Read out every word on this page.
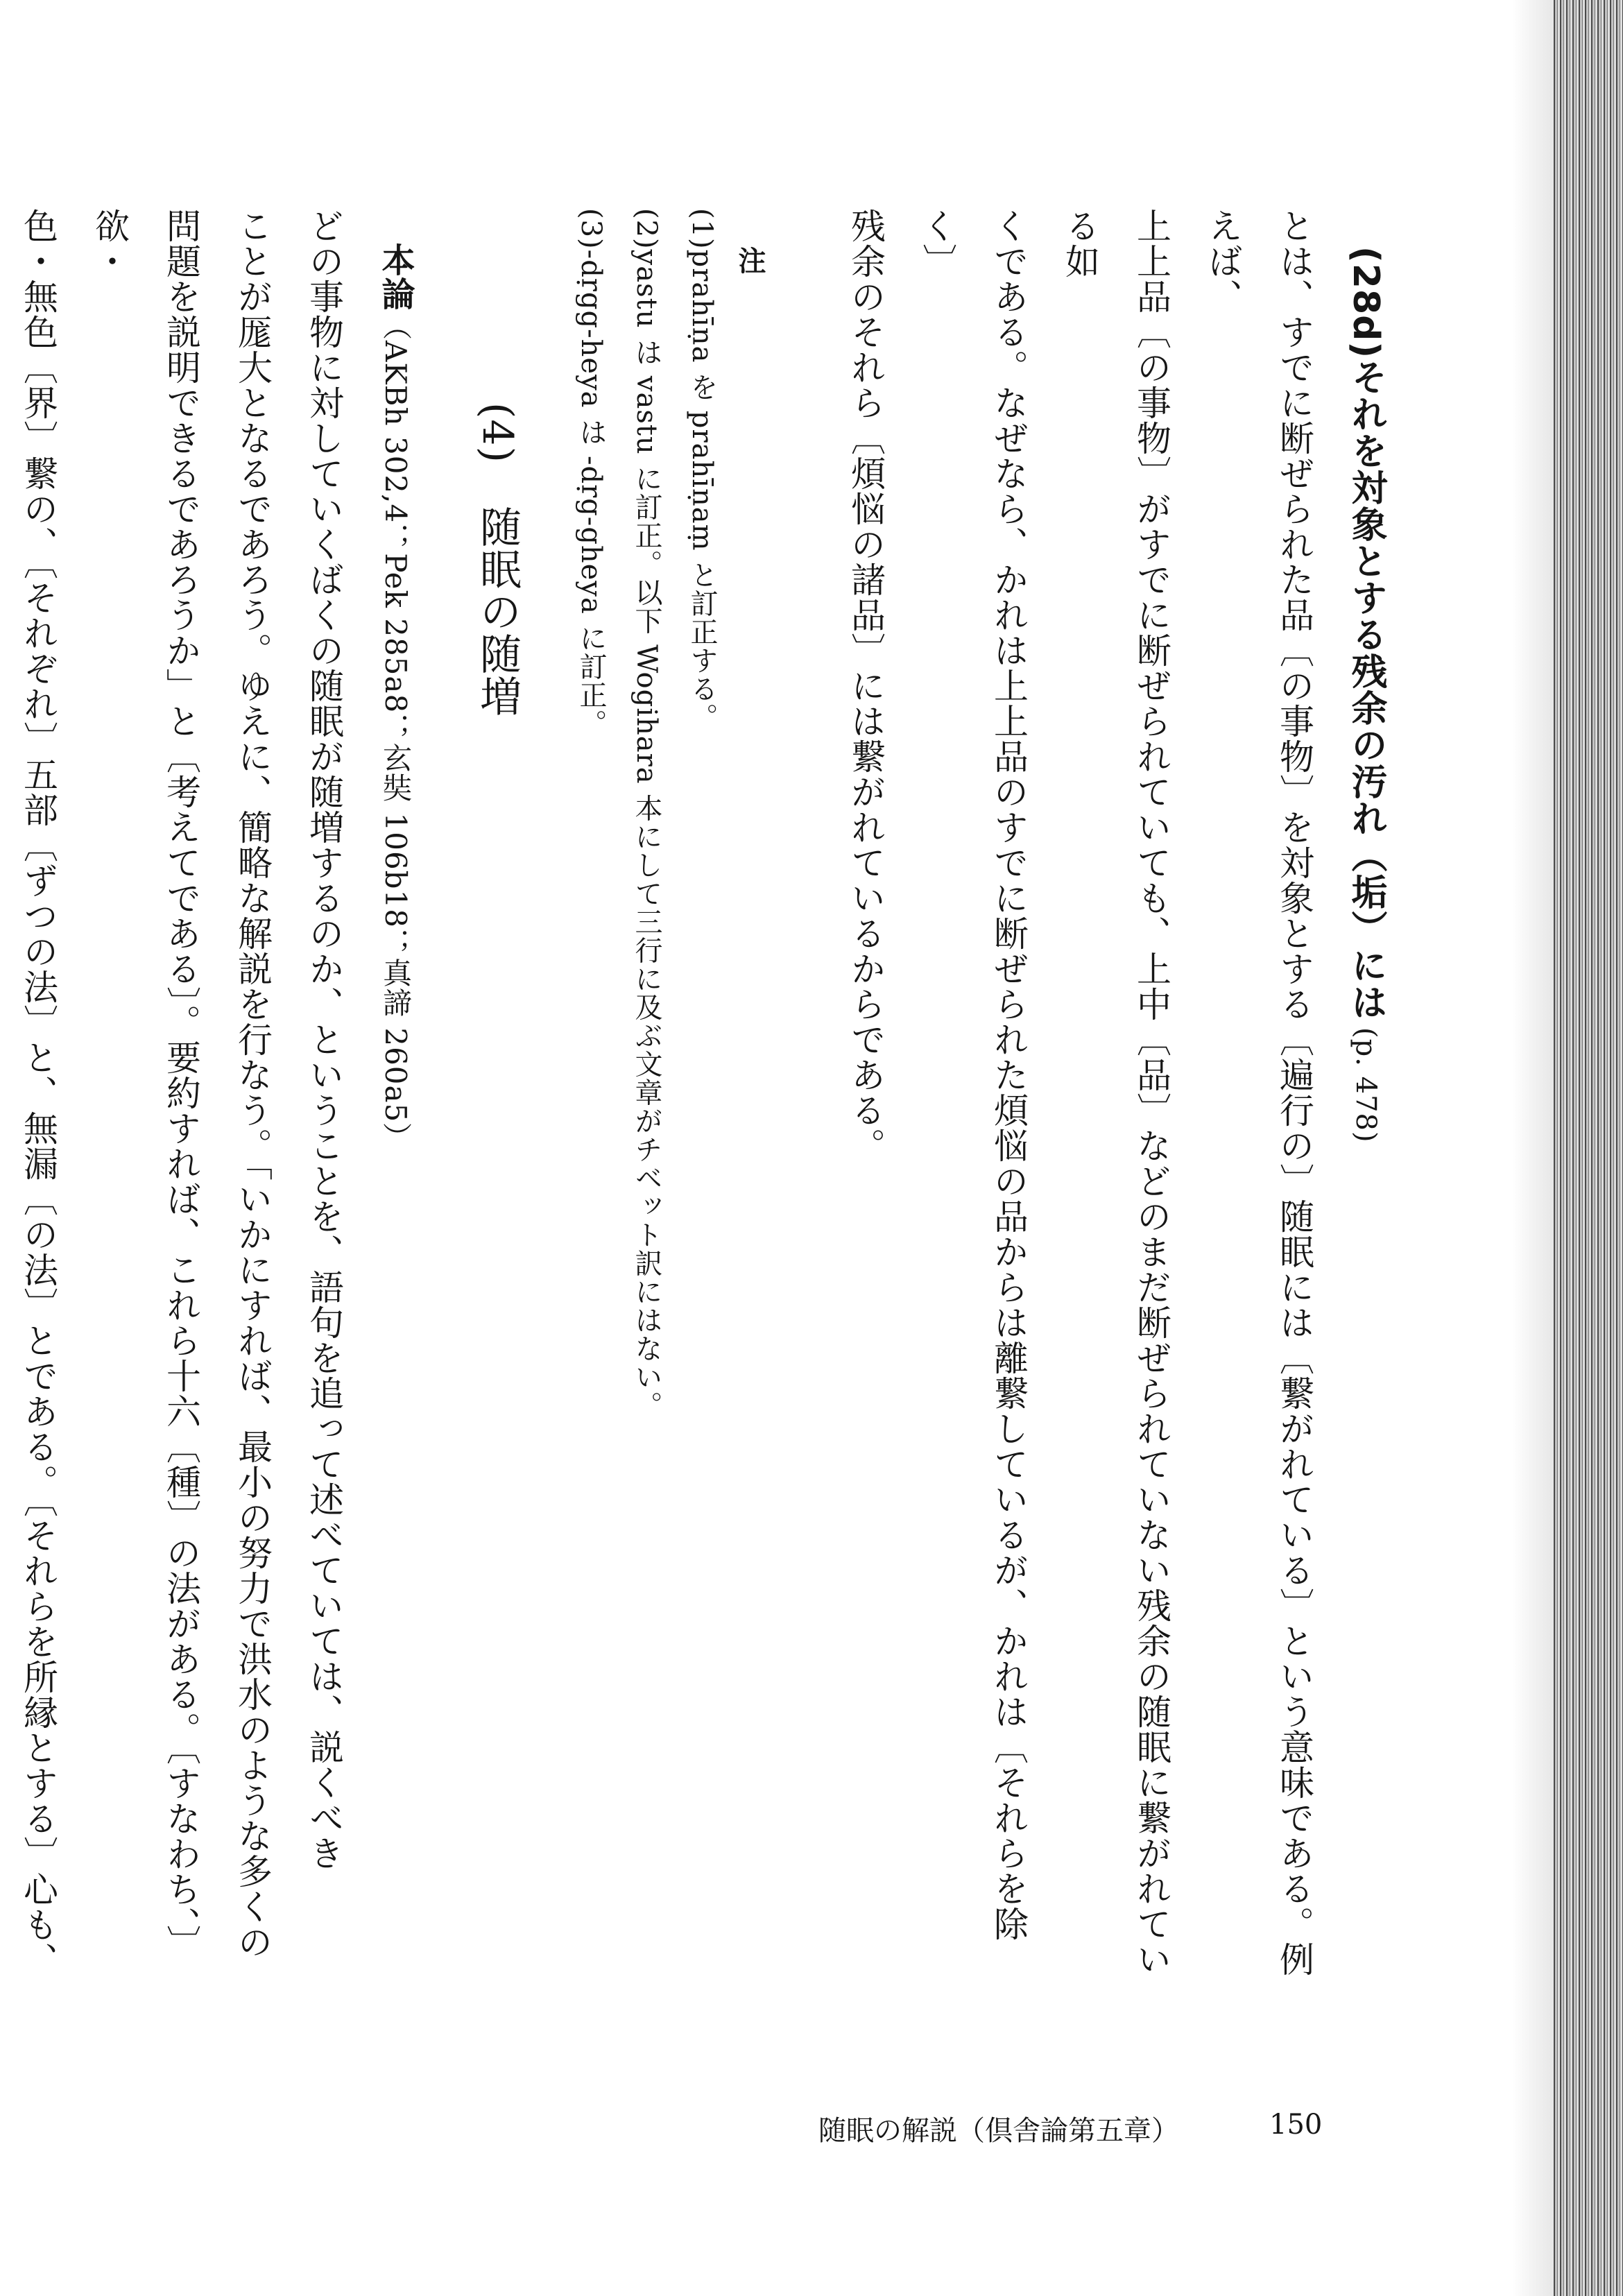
(28d)それを対象とする残余の汚れ（垢）には(p. 478)
とは、すでに断ぜられた品〔の事物〕を対象とする〔遍行の〕随眠には〔繋がれている〕という意味である。例えば、
上上品〔の事物〕がすでに断ぜられていても、上中〔品〕などのまだ断ぜられていない残余の随眠に繋がれている如
くである。なぜなら、かれは上上品のすでに断ぜられた煩悩の品からは離繋しているが、かれは〔それらを除く〕
残余のそれら〔煩悩の諸品〕には繋がれているからである。
注
(1)prahīṇa を prahīṇaṃ と訂正する。
(2)yastu は vastu に訂正。以下 Wogihara 本にして三行に及ぶ文章がチベット訳にはない。
(3)-dṛgg-heya は -dṛg-gheya に訂正。
(4)　随眠の随増
本論（AKBh 302,4；Pek 285a8；玄奘 106b18；真諦 260a5）
どの事物に対していくばくの随眠が随増するのか、ということを、語句を追って述べていては、説くべき
ことが厖大となるであろう。ゆえに、簡略な解説を行なう。「いかにすれば、最小の努力で洪水のような多くの
問題を説明できるであろうか」と〔考えてである〕。要約すれば、これら十六〔種〕の法がある。〔すなわち、〕欲・
色・無色〔界〕繋の、〔それぞれ〕五部〔ずつの法〕と、無漏〔の法〕とである。〔それらを所縁とする〕心も、
随眠の解説（倶舎論第五章）	150
